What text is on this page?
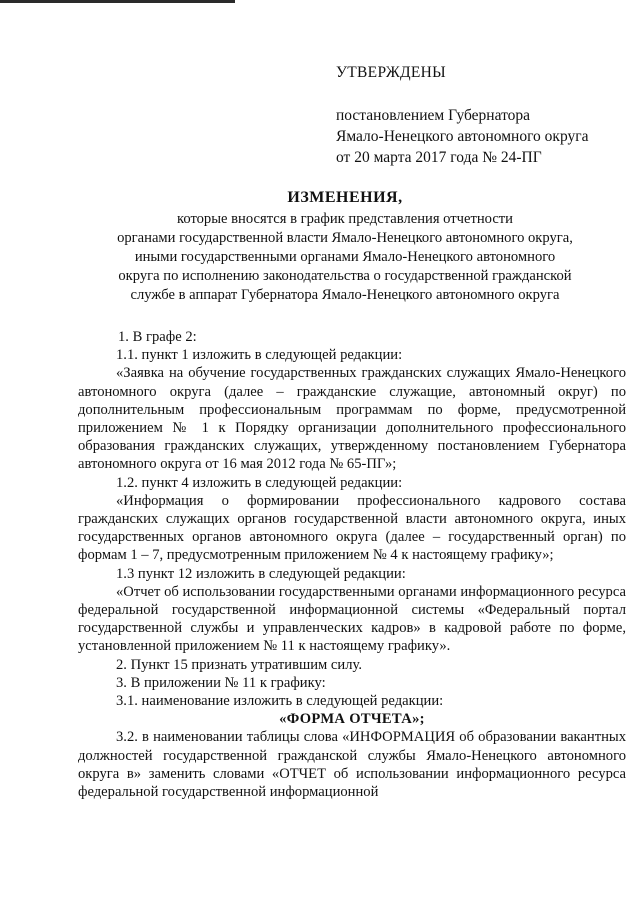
УТВЕРЖДЕНЫ
постановлением Губернатора
Ямало-Ненецкого автономного округа
от 20 марта 2017 года № 24-ПГ
ИЗМЕНЕНИЯ,
которые вносятся в график представления отчетности
органами государственной власти Ямало-Ненецкого автономного округа,
иными государственными органами Ямало-Ненецкого автономного
округа по исполнению законодательства о государственной гражданской
службе в аппарат Губернатора Ямало-Ненецкого автономного округа
1. В графе 2:
1.1. пункт 1 изложить в следующей редакции:
«Заявка на обучение государственных гражданских служащих Ямало-Ненецкого автономного округа (далее – гражданские служащие, автономный округ) по дополнительным профессиональным программам по форме, предусмотренной приложением № 1 к Порядку организации дополнительного профессионального образования гражданских служащих, утвержденному постановлением Губернатора автономного округа от 16 мая 2012 года № 65-ПГ»;
1.2. пункт 4 изложить в следующей редакции:
«Информация о формировании профессионального кадрового состава гражданских служащих органов государственной власти автономного округа, иных государственных органов автономного округа (далее – государственный орган) по формам 1 – 7, предусмотренным приложением № 4 к настоящему графику»;
1.3 пункт 12 изложить в следующей редакции:
«Отчет об использовании государственными органами информационного ресурса федеральной государственной информационной системы «Федеральный портал государственной службы и управленческих кадров» в кадровой работе по форме, установленной приложением № 11 к настоящему графику».
2. Пункт 15 признать утратившим силу.
3. В приложении № 11 к графику:
3.1. наименование изложить в следующей редакции:
«ФОРМА ОТЧЕТА»;
3.2. в наименовании таблицы слова «ИНФОРМАЦИЯ об образовании вакантных должностей государственной гражданской службы Ямало-Ненецкого автономного округа в» заменить словами «ОТЧЕТ об использовании информационного ресурса федеральной государственной информационной
